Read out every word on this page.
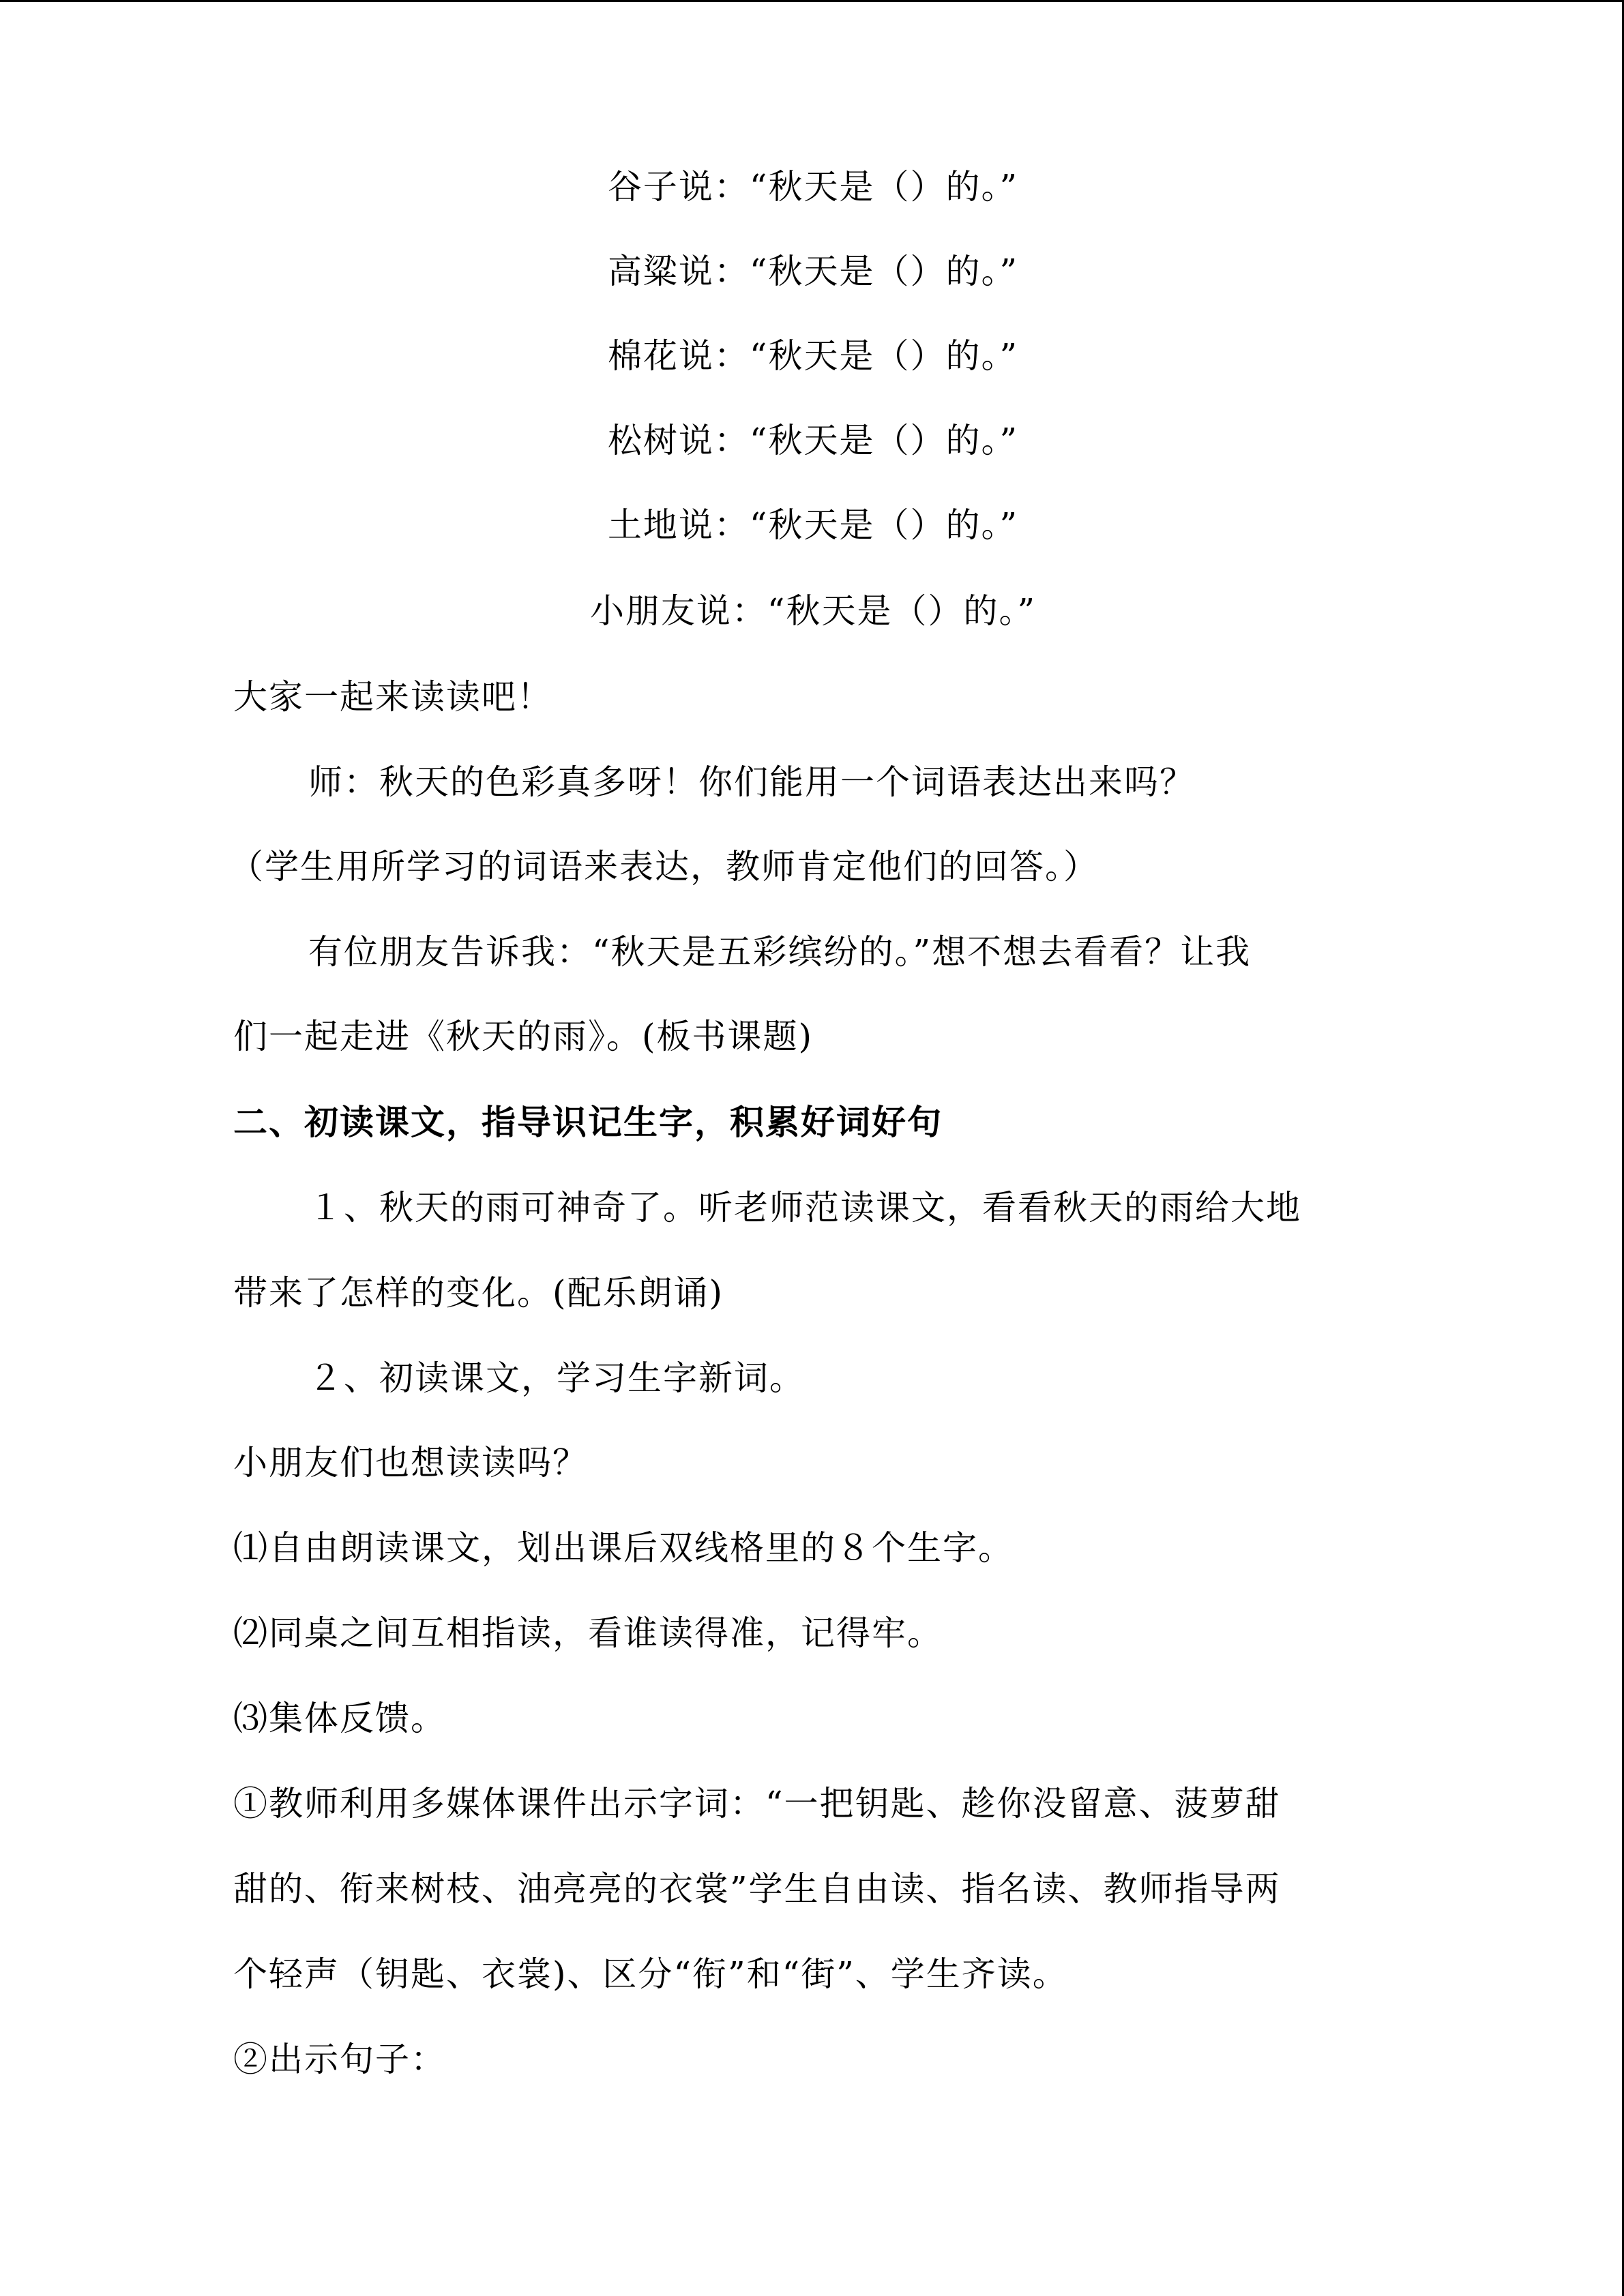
谷子说：“秋天是（）的。”
高粱说：“秋天是（）的。”
棉花说：“秋天是（）的。”
松树说：“秋天是（）的。”
土地说：“秋天是（）的。”
小朋友说：“秋天是（）的。”
大家一起来读读吧！
师：秋天的色彩真多呀！你们能用一个词语表达出来吗？
（学生用所学习的词语来表达，教师肯定他们的回答。）
有位朋友告诉我：“秋天是五彩缤纷的。”想不想去看看？让我
们一起走进《秋天的雨》。(板书课题)
二、初读课文，指导识记生字，积累好词好句
１、秋天的雨可神奇了。听老师范读课文，看看秋天的雨给大地
带来了怎样的变化。(配乐朗诵)
２、初读课文，学习生字新词。
小朋友们也想读读吗？
⑴自由朗读课文，划出课后双线格里的８个生字。
⑵同桌之间互相指读，看谁读得准，记得牢。
⑶集体反馈。
①教师利用多媒体课件出示字词：“一把钥匙、趁你没留意、菠萝甜
甜的、衔来树枝、油亮亮的衣裳”学生自由读、指名读、教师指导两
个轻声（钥匙、衣裳)、区分“衔”和“街”、学生齐读。
②出示句子：
